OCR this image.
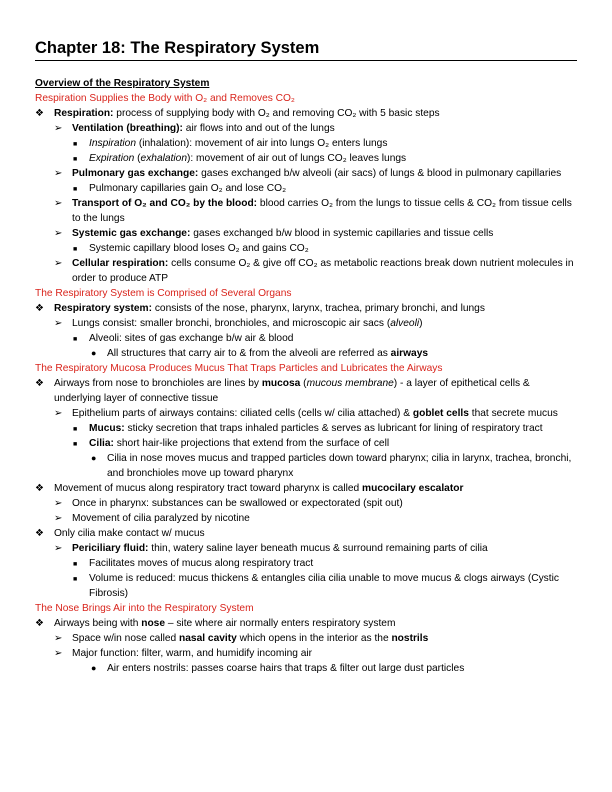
Chapter 18: The Respiratory System
Overview of the Respiratory System
Respiration Supplies the Body with O₂ and Removes CO₂
❖ Respiration: process of supplying body with O₂ and removing CO₂ with 5 basic steps
➢ Ventilation (breathing): air flows into and out of the lungs
■ Inspiration (inhalation): movement of air into lungs O₂ enters lungs
■ Expiration (exhalation): movement of air out of lungs CO₂ leaves lungs
➢ Pulmonary gas exchange: gases exchanged b/w alveoli (air sacs) of lungs & blood in pulmonary capillaries
■ Pulmonary capillaries gain O₂ and lose CO₂
➢ Transport of O₂ and CO₂ by the blood: blood carries O₂ from the lungs to tissue cells & CO₂ from tissue cells to the lungs
➢ Systemic gas exchange: gases exchanged b/w blood in systemic capillaries and tissue cells
■ Systemic capillary blood loses O₂ and gains CO₂
➢ Cellular respiration: cells consume O₂ & give off CO₂ as metabolic reactions break down nutrient molecules in order to produce ATP
The Respiratory System is Comprised of Several Organs
❖ Respiratory system: consists of the nose, pharynx, larynx, trachea, primary bronchi, and lungs
➢ Lungs consist: smaller bronchi, bronchioles, and microscopic air sacs (alveoli)
■ Alveoli: sites of gas exchange b/w air & blood
● All structures that carry air to & from the alveoli are referred as airways
The Respiratory Mucosa Produces Mucus That Traps Particles and Lubricates the Airways
❖ Airways from nose to bronchioles are lines by mucosa (mucous membrane) - a layer of epithetical cells & underlying layer of connective tissue
➢ Epithelium parts of airways contains: ciliated cells (cells w/ cilia attached) & goblet cells that secrete mucus
■ Mucus: sticky secretion that traps inhaled particles & serves as lubricant for lining of respiratory tract
■ Cilia: short hair-like projections that extend from the surface of cell
● Cilia in nose moves mucus and trapped particles down toward pharynx; cilia in larynx, trachea, bronchi, and bronchioles move up toward pharynx
❖ Movement of mucus along respiratory tract toward pharynx is called mucocilary escalator
➢ Once in pharynx: substances can be swallowed or expectorated (spit out)
➢ Movement of cilia paralyzed by nicotine
❖ Only cilia make contact w/ mucus
➢ Periciliary fluid: thin, watery saline layer beneath mucus & surround remaining parts of cilia
■ Facilitates moves of mucus along respiratory tract
■ Volume is reduced: mucus thickens & entangles cilia cilia unable to move mucus & clogs airways (Cystic Fibrosis)
The Nose Brings Air into the Respiratory System
❖ Airways being with nose – site where air normally enters respiratory system
➢ Space w/in nose called nasal cavity which opens in the interior as the nostrils
➢ Major function: filter, warm, and humidify incoming air
● Air enters nostrils: passes coarse hairs that traps & filter out large dust particles
